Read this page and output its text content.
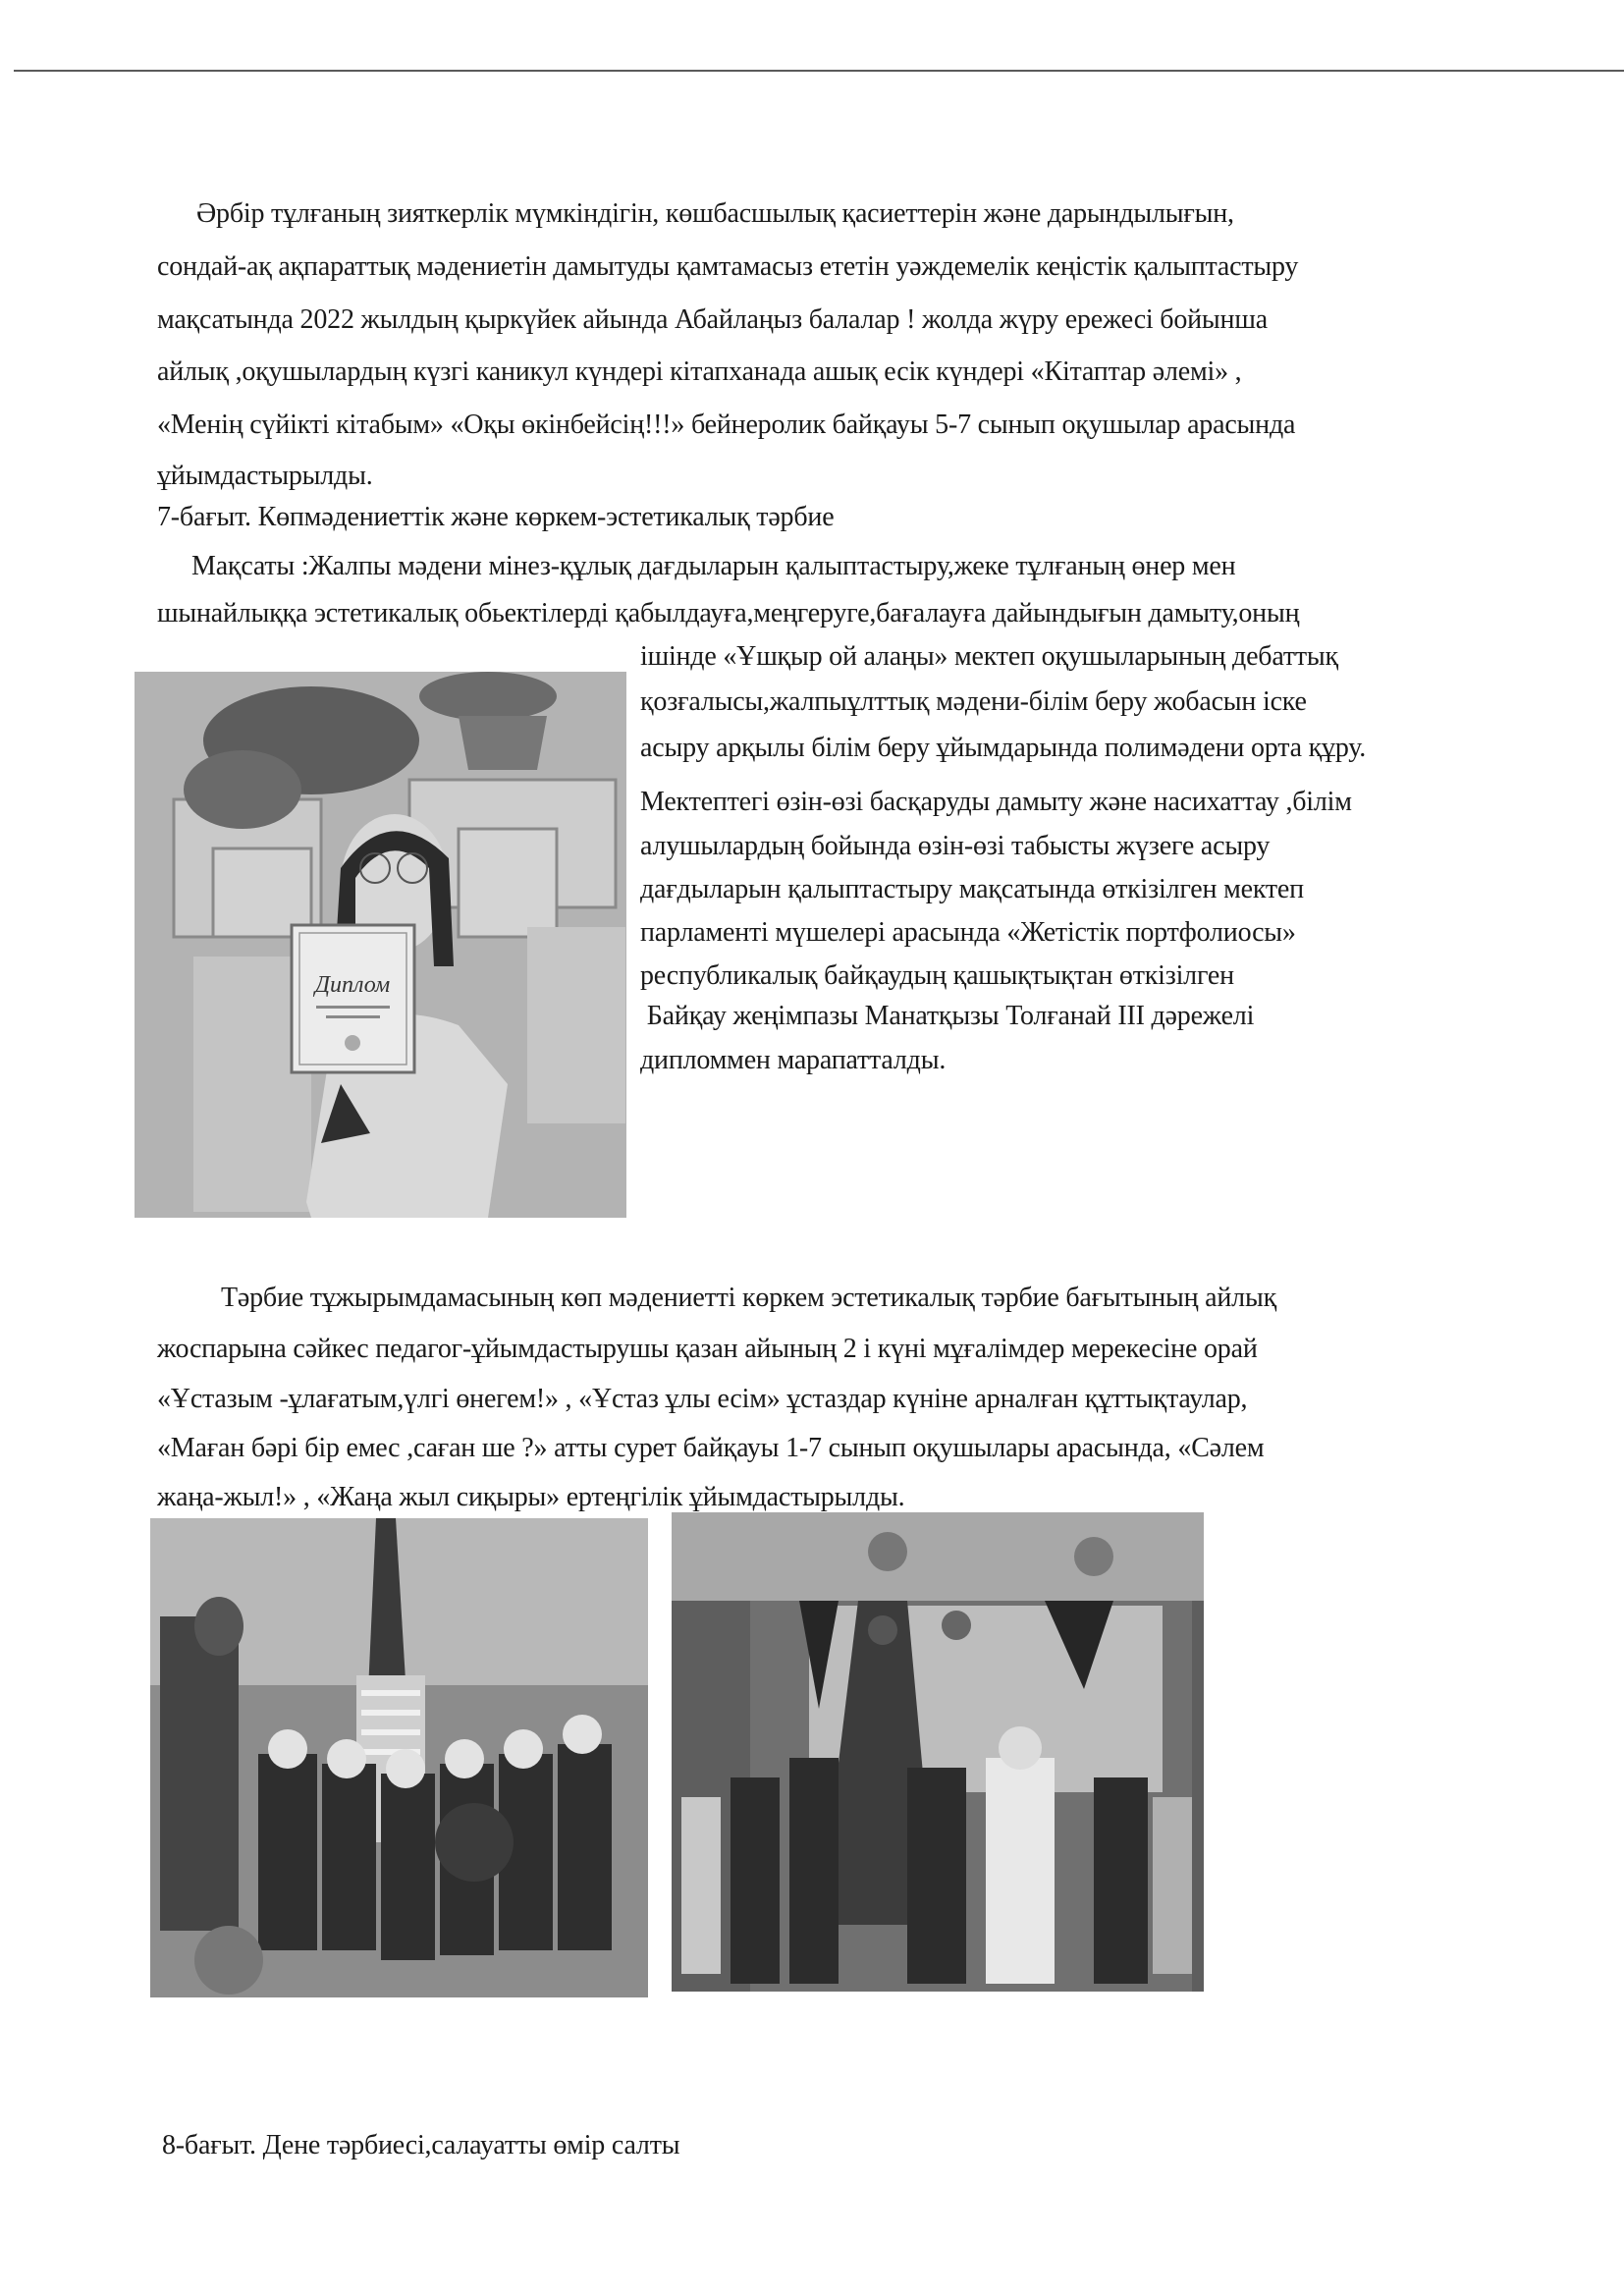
Әрбір тұлғаның зияткерлік мүмкіндігін, көшбасшылық қасиеттерін және дарындылығын,
сондай-ақ ақпараттық мәдениетін дамытуды қамтамасыз ететін уәждемелік кеңістік қалыптастыру
мақсатында 2022 жылдың қыркүйек айында Абайлаңыз балалар ! жолда жүру ережесі бойынша
айлық ,оқушылардың күзгі каникул күндері кітапханада ашық есік күндері «Кітаптар әлемі» ,
«Менің сүйікті кітабым» «Оқы өкінбейсің!!!» бейнеролик байқауы 5-7 сынып оқушылар арасында
ұйымдастырылды.
7-бағыт. Көпмәдениеттік және көркем-эстетикалық тәрбие
Мақсаты :Жалпы мәдени мінез-құлық дағдыларын қалыптастыру,жеке тұлғаның өнер мен
шынайлыққа эстетикалық обьектілерді қабылдауға,меңгеруге,бағалауға дайындығын дамыту,оның
ішінде «Ұшқыр ой алаңы» мектеп оқушыларының дебаттық
қозғалысы,жалпыұлттық мәдени-білім беру жобасын іске
асыру арқылы білім беру ұйымдарында полимәдени орта құру.
Мектептегі өзін-өзі басқаруды дамыту және насихаттау ,білім
алушылардың бойында өзін-өзі табысты жүзеге асыру
дағдыларын қалыптастыру мақсатында өткізілген мектеп
парламенті мүшелері арасында «Жетістік портфолиосы»
республикалық байқаудың қашықтықтан өткізілген
Байқау жеңімпазы Манатқызы Толғанай ІІІ дәрежелі
дипломмен марапатталды.
Диплом
Тәрбие тұжырымдамасының көп мәдениетті көркем эстетикалық тәрбие бағытының айлық
жоспарына сәйкес педагог-ұйымдастырушы қазан айының 2 і күні мұғалімдер мерекесіне орай
«Ұстазым -ұлағатым,үлгі өнегем!» , «Ұстаз ұлы есім» ұстаздар күніне арналған құттықтаулар,
«Маған бәрі бір емес ,саған ше ?» атты сурет байқауы 1-7 сынып оқушылары арасында, «Сәлем
жаңа-жыл!» , «Жаңа жыл сиқыры» ертеңгілік ұйымдастырылды.
8-бағыт. Дене тәрбиесі,салауатты өмір салты
